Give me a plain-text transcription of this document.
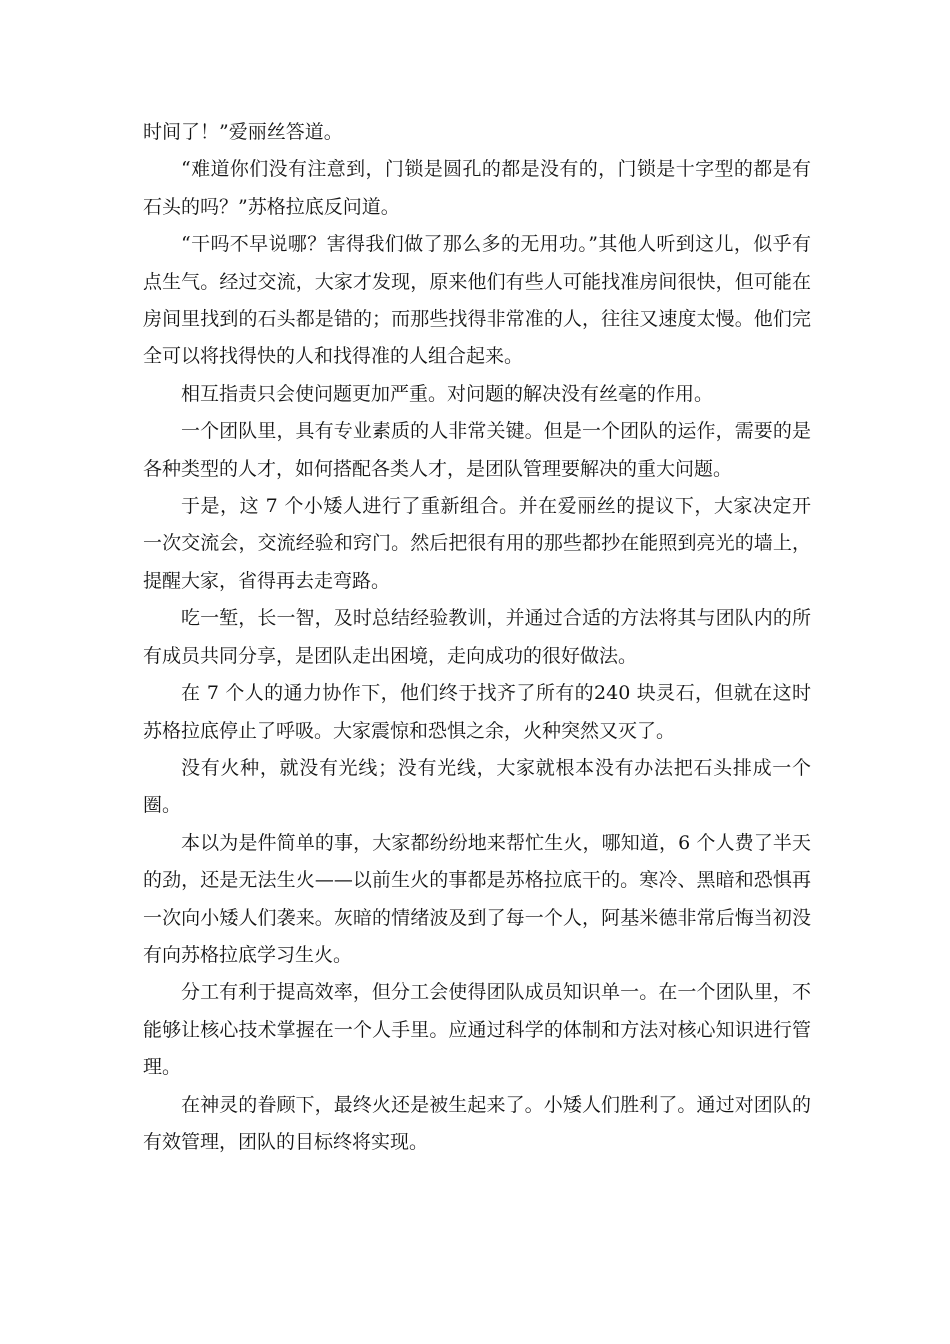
时间了！”爱丽丝答道。

“难道你们没有注意到，门锁是圆孔的都是没有的，门锁是十字型的都是有石头的吗？”苏格拉底反问道。

“干吗不早说哪？害得我们做了那么多的无用功。”其他人听到这儿，似乎有点生气。经过交流，大家才发现，原来他们有些人可能找准房间很快，但可能在房间里找到的石头都是错的；而那些找得非常准的人，往往又速度太慢。他们完全可以将找得快的人和找得准的人组合起来。

相互指责只会使问题更加严重。对问题的解决没有丝毫的作用。

一个团队里，具有专业素质的人非常关键。但是一个团队的运作，需要的是各种类型的人才，如何搭配各类人才，是团队管理要解决的重大问题。

于是，这 7 个小矮人进行了重新组合。并在爱丽丝的提议下，大家决定开一次交流会，交流经验和窍门。然后把很有用的那些都抄在能照到亮光的墙上，提醒大家，省得再去走弯路。

吃一堑，长一智，及时总结经验教训，并通过合适的方法将其与团队内的所有成员共同分享，是团队走出困境，走向成功的很好做法。

在 7 个人的通力协作下，他们终于找齐了所有的240 块灵石，但就在这时苏格拉底停止了呼吸。大家震惊和恐惧之余，火种突然又灭了。

没有火种，就没有光线；没有光线，大家就根本没有办法把石头排成一个圈。

本以为是件简单的事，大家都纷纷地来帮忙生火，哪知道，6 个人费了半天的劲，还是无法生火——以前生火的事都是苏格拉底干的。寒冷、黑暗和恐惧再一次向小矮人们袭来。灰暗的情绪波及到了每一个人，阿基米德非常后悔当初没有向苏格拉底学习生火。

分工有利于提高效率，但分工会使得团队成员知识单一。在一个团队里，不能够让核心技术掌握在一个人手里。应通过科学的体制和方法对核心知识进行管理。

在神灵的眷顾下，最终火还是被生起来了。小矮人们胜利了。通过对团队的有效管理，团队的目标终将实现。
